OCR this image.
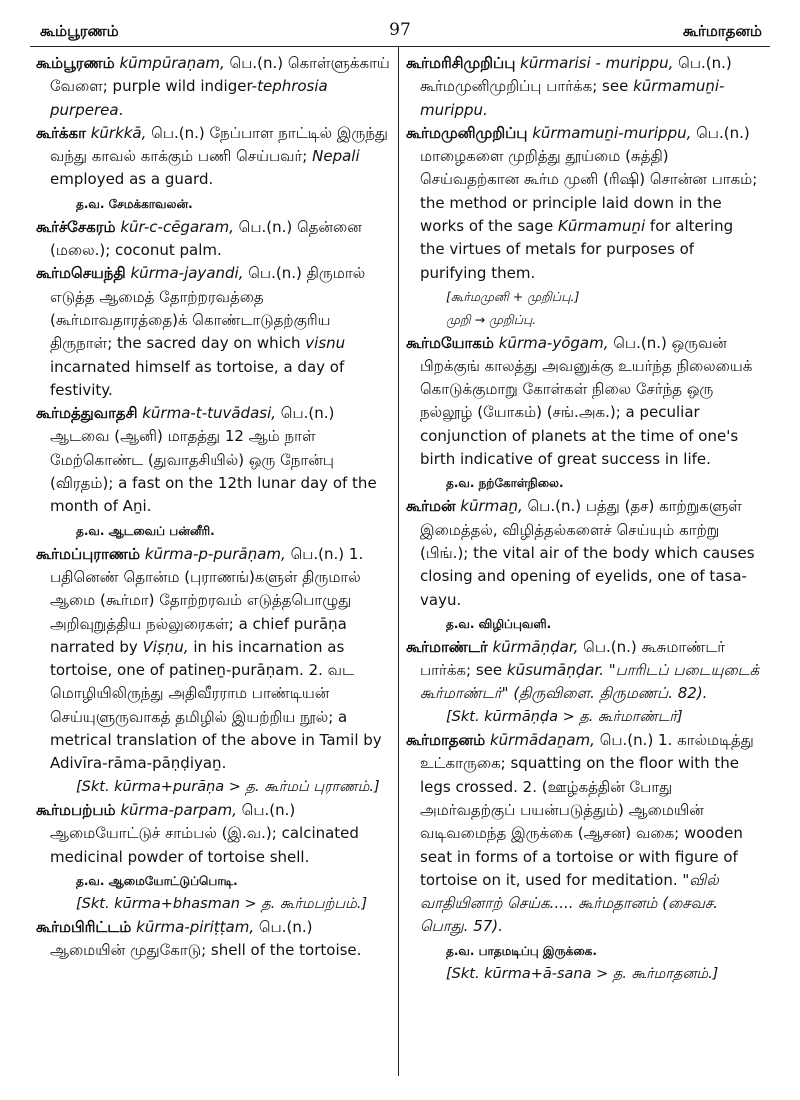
கூம்பூரணம்	97	கூர்மாதனம்

கூம்பூரணம் kūmpūraṇam, பெ.(n.) கொள்ளுக்காய் வேளை; purple wild indiger-tephrosia purperea.

கூர்க்கா kūrkkā, பெ.(n.) நேப்பாள நாட்டில் இருந்து வந்து காவல் காக்கும் பணி செய்பவர்; Nepali employed as a guard.

த.வ. சேமக்காவலன்.

கூர்ச்சேகரம் kūr-c-cēgaram, பெ.(n.) தென்னை (மலை.); coconut palm.

கூர்மசெயந்தி kūrma-jayandi, பெ.(n.) திருமால் எடுத்த ஆமைத் தோற்றரவத்தை (கூர்மாவதாரத்தை)க் கொண்டாடுதற்குரிய திருநாள்; the sacred day on which visnu incarnated himself as tortoise, a day of festivity.

கூர்மத்துவாதசி kūrma-t-tuvādasi, பெ.(n.) ஆடவை (ஆனி) மாதத்து 12 ஆம் நாள் மேற்கொண்ட (துவாதசியில்) ஒரு நோன்பு (விரதம்); a fast on the 12th lunar day of the month of Aṉi.

த.வ. ஆடவைப் பன்னீரி.

கூர்மப்புராணம் kūrma-p-purāṇam, பெ.(n.) 1. பதினெண் தொன்ம (புராணங்)களுள் திருமால் ஆமை (கூர்மா) தோற்றரவம் எடுத்தபொழுது அறிவுறுத்திய நல்லுரைகள்; a chief purāṇa narrated by Viṣṇu, in his incarnation as tortoise, one of patineṉ-purāṇam. 2. வட மொழியிலிருந்து அதிவீரராம பாண்டியன் செய்யுளுருவாகத் தமிழில் இயற்றிய நூல்; a metrical translation of the above in Tamil by Adivīra-rāma-pāṇḍiyaṉ.

[Skt. kūrma+purāṇa > த. கூர்மப் புராணம்.]

கூர்மபற்பம் kūrma-parpam, பெ.(n.) ஆமையோட்டுச் சாம்பல் (இ.வ.); calcinated medicinal powder of tortoise shell.

த.வ. ஆமையோட்டுப்பொடி.

[Skt. kūrma+bhasman > த. கூர்மபற்பம்.]

கூர்மபிரிட்டம் kūrma-piriṭṭam, பெ.(n.) ஆமையின் முதுகோடு; shell of the tortoise.

கூர்மரிசிமுறிப்பு kūrmarisi - murippu, பெ.(n.) கூர்மமுனிமுறிப்பு பார்க்க; see kūrmamuṉi-murippu.

கூர்மமுனிமுறிப்பு kūrmamuṉi-murippu, பெ.(n.) மாழைகளை முறித்து தூய்மை (சுத்தி) செய்வதற்கான கூர்ம முனி (ரிஷி) சொன்ன பாகம்; the method or principle laid down in the works of the sage Kūrmamuṉi for altering the virtues of metals for purposes of purifying them.

[கூர்மமுனி + முறிப்பு.]

முறி → முறிப்பு.

கூர்மயோகம் kūrma-yōgam, பெ.(n.) ஒருவன் பிறக்குங் காலத்து அவனுக்கு உயர்ந்த நிலையைக் கொடுக்குமாறு கோள்கள் நிலை சேர்ந்த ஒரு நல்லூழ் (யோகம்) (சங்.அக.); a peculiar conjunction of planets at the time of one's birth indicative of great success in life.

த.வ. நற்கோள்நிலை.

கூர்மன் kūrmaṉ, பெ.(n.) பத்து (தச) காற்றுகளுள் இமைத்தல், விழித்தல்களைச் செய்யும் காற்று (பிங்.); the vital air of the body which causes closing and opening of eyelids, one of tasa-vayu.

த.வ. விழிப்புவளி.

கூர்மாண்டர் kūrmāṇḍar, பெ.(n.) கூசுமாண்டர் பார்க்க; see kūsumāṇḍar. "பாரிடப் படையுடைக் கூர்மாண்டர்" (திருவிளை. திருமணப். 82).

[Skt. kūrmāṇḍa > த. கூர்மாண்டர்]

கூர்மாதனம் kūrmādaṉam, பெ.(n.) 1. கால்மடித்து உட்காருகை; squatting on the floor with the legs crossed. 2. (ஊழ்கத்தின் போது அமர்வதற்குப் பயன்படுத்தும்) ஆமையின் வடிவமைந்த இருக்கை (ஆசன) வகை; wooden seat in forms of a tortoise or with figure of tortoise on it, used for meditation. "வில் வாதியினாற் செய்க..... கூர்மதானம் (சைவச. பொது. 57).

த.வ. பாதமடிப்பு இருக்கை.

[Skt. kūrma+ā-sana > த. கூர்மாதனம்.]
